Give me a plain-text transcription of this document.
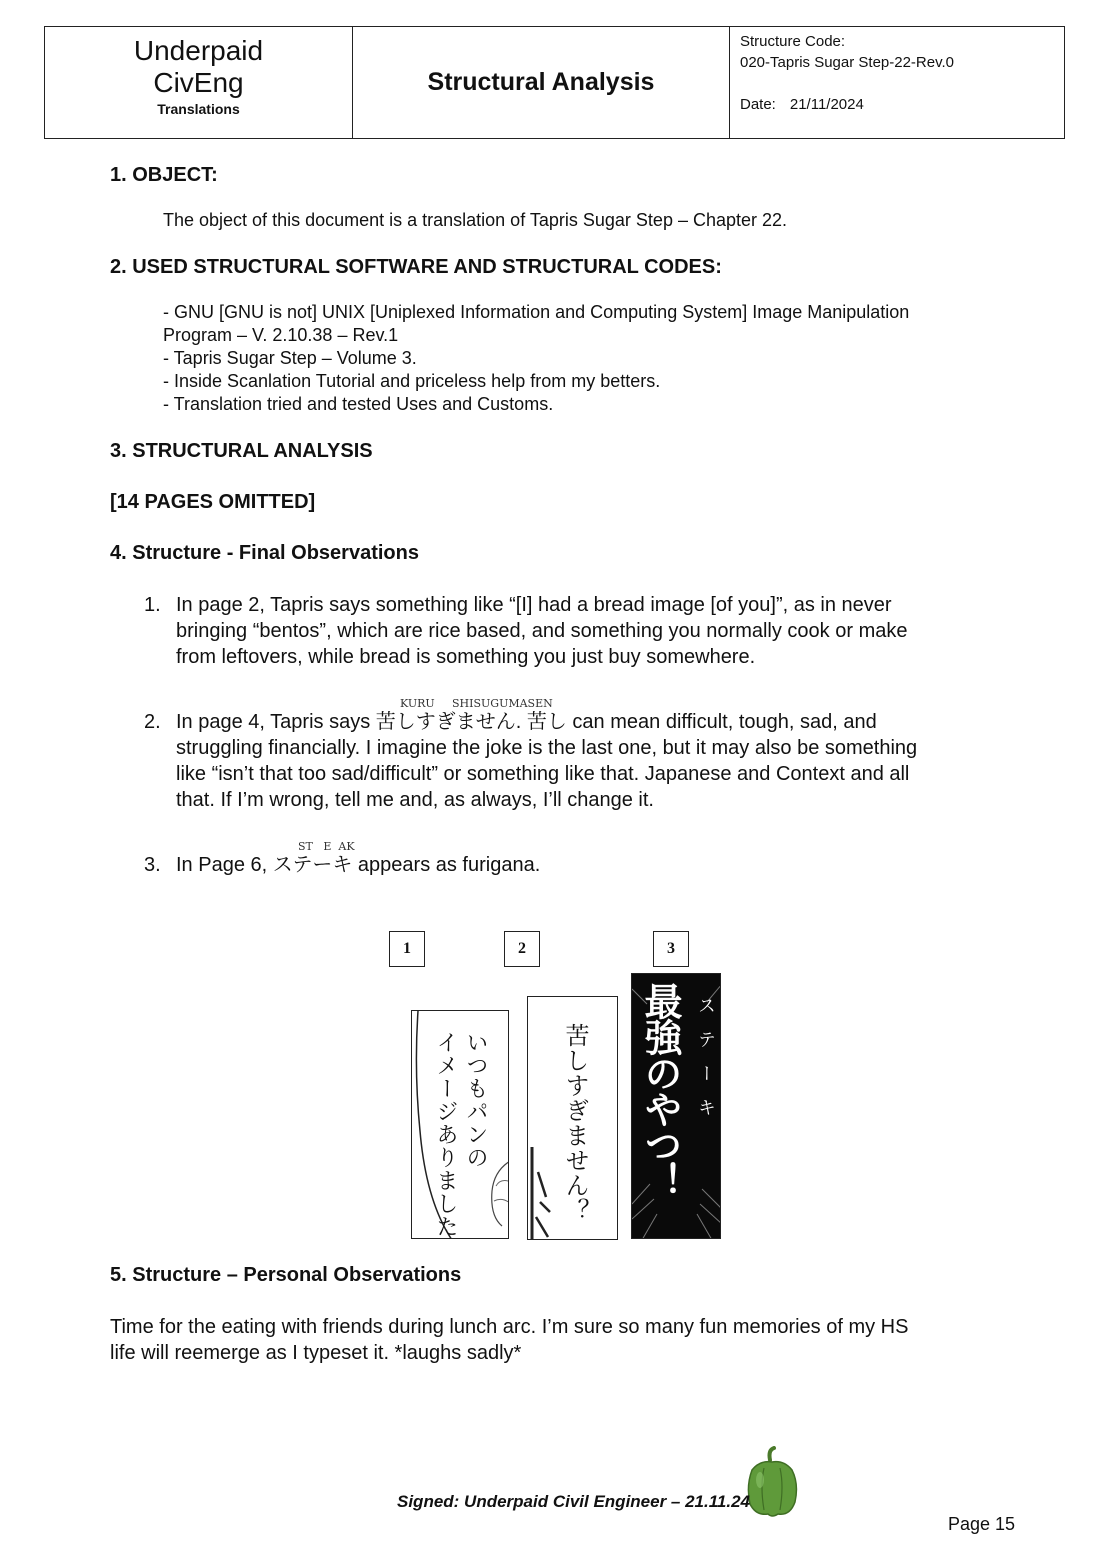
Underpaid
CivEng
Translations
Structural Analysis
Structure Code:
020-Tapris Sugar Step-22-Rev.0
Date: 21/11/2024
1. OBJECT:
The object of this document is a translation of Tapris Sugar Step – Chapter 22.
2. USED STRUCTURAL SOFTWARE AND STRUCTURAL CODES:
- GNU [GNU is not] UNIX [Uniplexed Information and Computing System] Image Manipulation
Program – V. 2.10.38 – Rev.1
- Tapris Sugar Step – Volume 3.
- Inside Scanlation Tutorial and priceless help from my betters.
- Translation tried and tested Uses and Customs.
3. STRUCTURAL ANALYSIS
[14 PAGES OMITTED]
4. Structure - Final Observations
1. In page 2, Tapris says something like “[I] had a bread image [of you]”, as in never
bringing “bentos”, which are rice based, and something you normally cook or make
from leftovers, while bread is something you just buy somewhere.
KURU SHISUGUMASEN
2. In page 4, Tapris says 苦しすぎません. 苦し can mean difficult, tough, sad, and
struggling financially. I imagine the joke is the last one, but it may also be something
like “isn’t that too sad/difficult” or something like that. Japanese and Context and all
that. If I’m wrong, tell me and, as always, I’ll change it.
ST   E  AK
3. In Page 6, ステーキ appears as furigana.
1	2	3
いつもパンの
イメージありました	苦しすぎません？ 最強のやつ！ ステーキ
5. Structure – Personal Observations
Time for the eating with friends during lunch arc. I’m sure so many fun memories of my HS
life will reemerge as I typeset it. *laughs sadly*
Signed: Underpaid Civil Engineer – 21.11.24
Page 15
